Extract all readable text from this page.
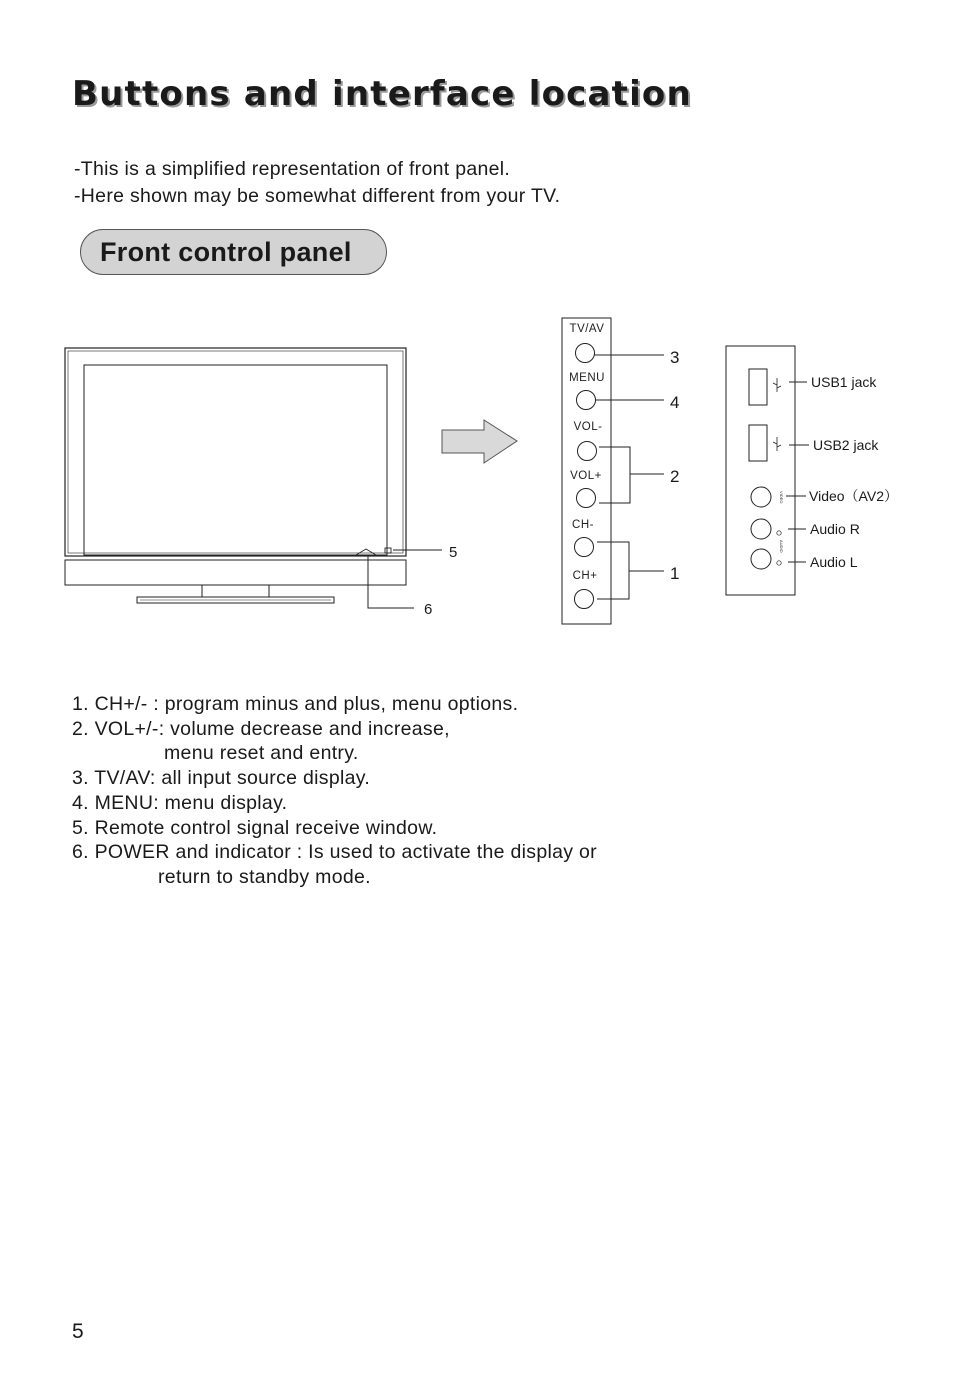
Buttons and interface location
-This is a simplified representation of front panel.
-Here shown may be somewhat different from your TV.
Front control panel
5
6
TV/AV
MENU
VOL-
VOL+
CH-
CH+
3
4
2
1
USB1 jack
USB2 jack
VIDEO Video（AV2）
AUDIO
Audio R
Audio L
1. CH+/- : program minus and plus, menu options.
2. VOL+/-: volume decrease and increase,
menu reset and entry.
3. TV/AV: all input source display.
4. MENU: menu display.
5. Remote control signal receive window.
6. POWER and indicator : Is used to activate the display or
return to standby mode.
5
